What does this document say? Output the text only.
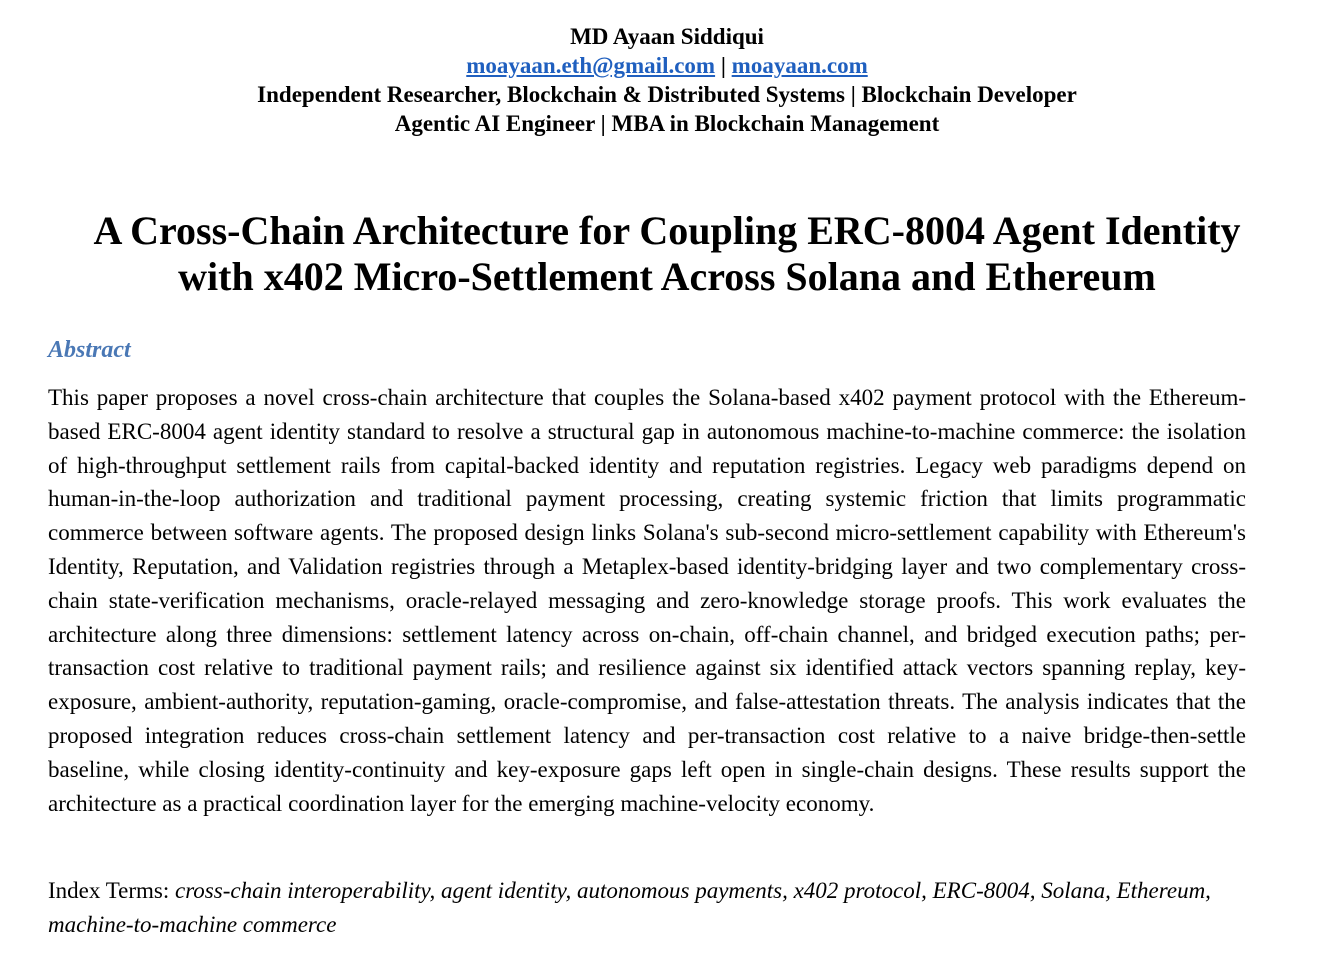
MD Ayaan Siddiqui
moayaan.eth@gmail.com | moayaan.com
Independent Researcher, Blockchain & Distributed Systems | Blockchain Developer
Agentic AI Engineer | MBA in Blockchain Management
A Cross-Chain Architecture for Coupling ERC-8004 Agent Identity
with x402 Micro-Settlement Across Solana and Ethereum
Abstract
This paper proposes a novel cross-chain architecture that couples the Solana-based x402 payment protocol with the Ethereum-based ERC-8004 agent identity standard to resolve a structural gap in autonomous machine-to-machine commerce: the isolation of high-throughput settlement rails from capital-backed identity and reputation registries. Legacy web paradigms depend on human-in-the-loop authorization and traditional payment processing, creating systemic friction that limits programmatic commerce between software agents. The proposed design links Solana's sub-second micro-settlement capability with Ethereum's Identity, Reputation, and Validation registries through a Metaplex-based identity-bridging layer and two complementary cross-chain state-verification mechanisms, oracle-relayed messaging and zero-knowledge storage proofs. This work evaluates the architecture along three dimensions: settlement latency across on-chain, off-chain channel, and bridged execution paths; per-transaction cost relative to traditional payment rails; and resilience against six identified attack vectors spanning replay, key-exposure, ambient-authority, reputation-gaming, oracle-compromise, and false-attestation threats. The analysis indicates that the proposed integration reduces cross-chain settlement latency and per-transaction cost relative to a naive bridge-then-settle baseline, while closing identity-continuity and key-exposure gaps left open in single-chain designs. These results support the architecture as a practical coordination layer for the emerging machine-velocity economy.
Index Terms: cross-chain interoperability, agent identity, autonomous payments, x402 protocol, ERC-8004, Solana, Ethereum, machine-to-machine commerce
